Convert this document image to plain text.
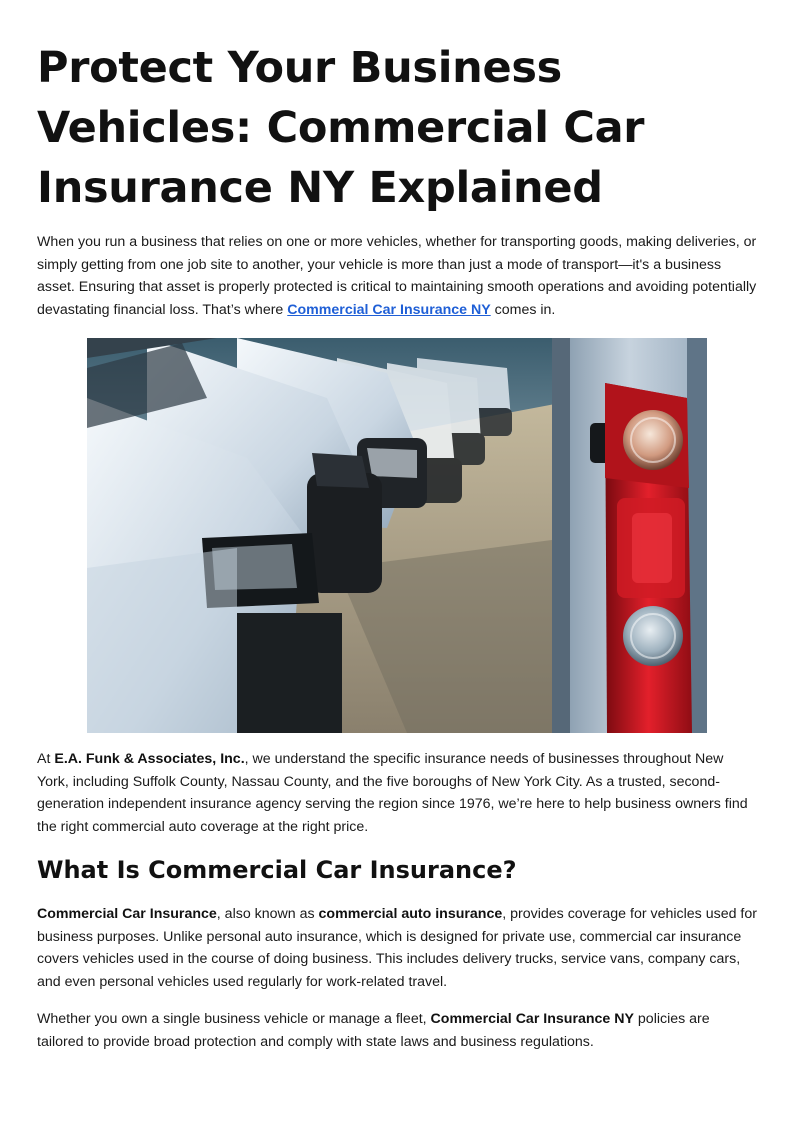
Protect Your Business Vehicles: Commercial Car Insurance NY Explained

When you run a business that relies on one or more vehicles, whether for transporting goods, making deliveries, or simply getting from one job site to another, your vehicle is more than just a mode of transport—it's a business asset. Ensuring that asset is properly protected is critical to maintaining smooth operations and avoiding potentially devastating financial loss. That’s where Commercial Car Insurance NY comes in.

At E.A. Funk & Associates, Inc., we understand the specific insurance needs of businesses throughout New York, including Suffolk County, Nassau County, and the five boroughs of New York City. As a trusted, second-generation independent insurance agency serving the region since 1976, we’re here to help business owners find the right commercial auto coverage at the right price.

What Is Commercial Car Insurance?

Commercial Car Insurance, also known as commercial auto insurance, provides coverage for vehicles used for business purposes. Unlike personal auto insurance, which is designed for private use, commercial car insurance covers vehicles used in the course of doing business. This includes delivery trucks, service vans, company cars, and even personal vehicles used regularly for work-related travel.

Whether you own a single business vehicle or manage a fleet, Commercial Car Insurance NY policies are tailored to provide broad protection and comply with state laws and business regulations.
